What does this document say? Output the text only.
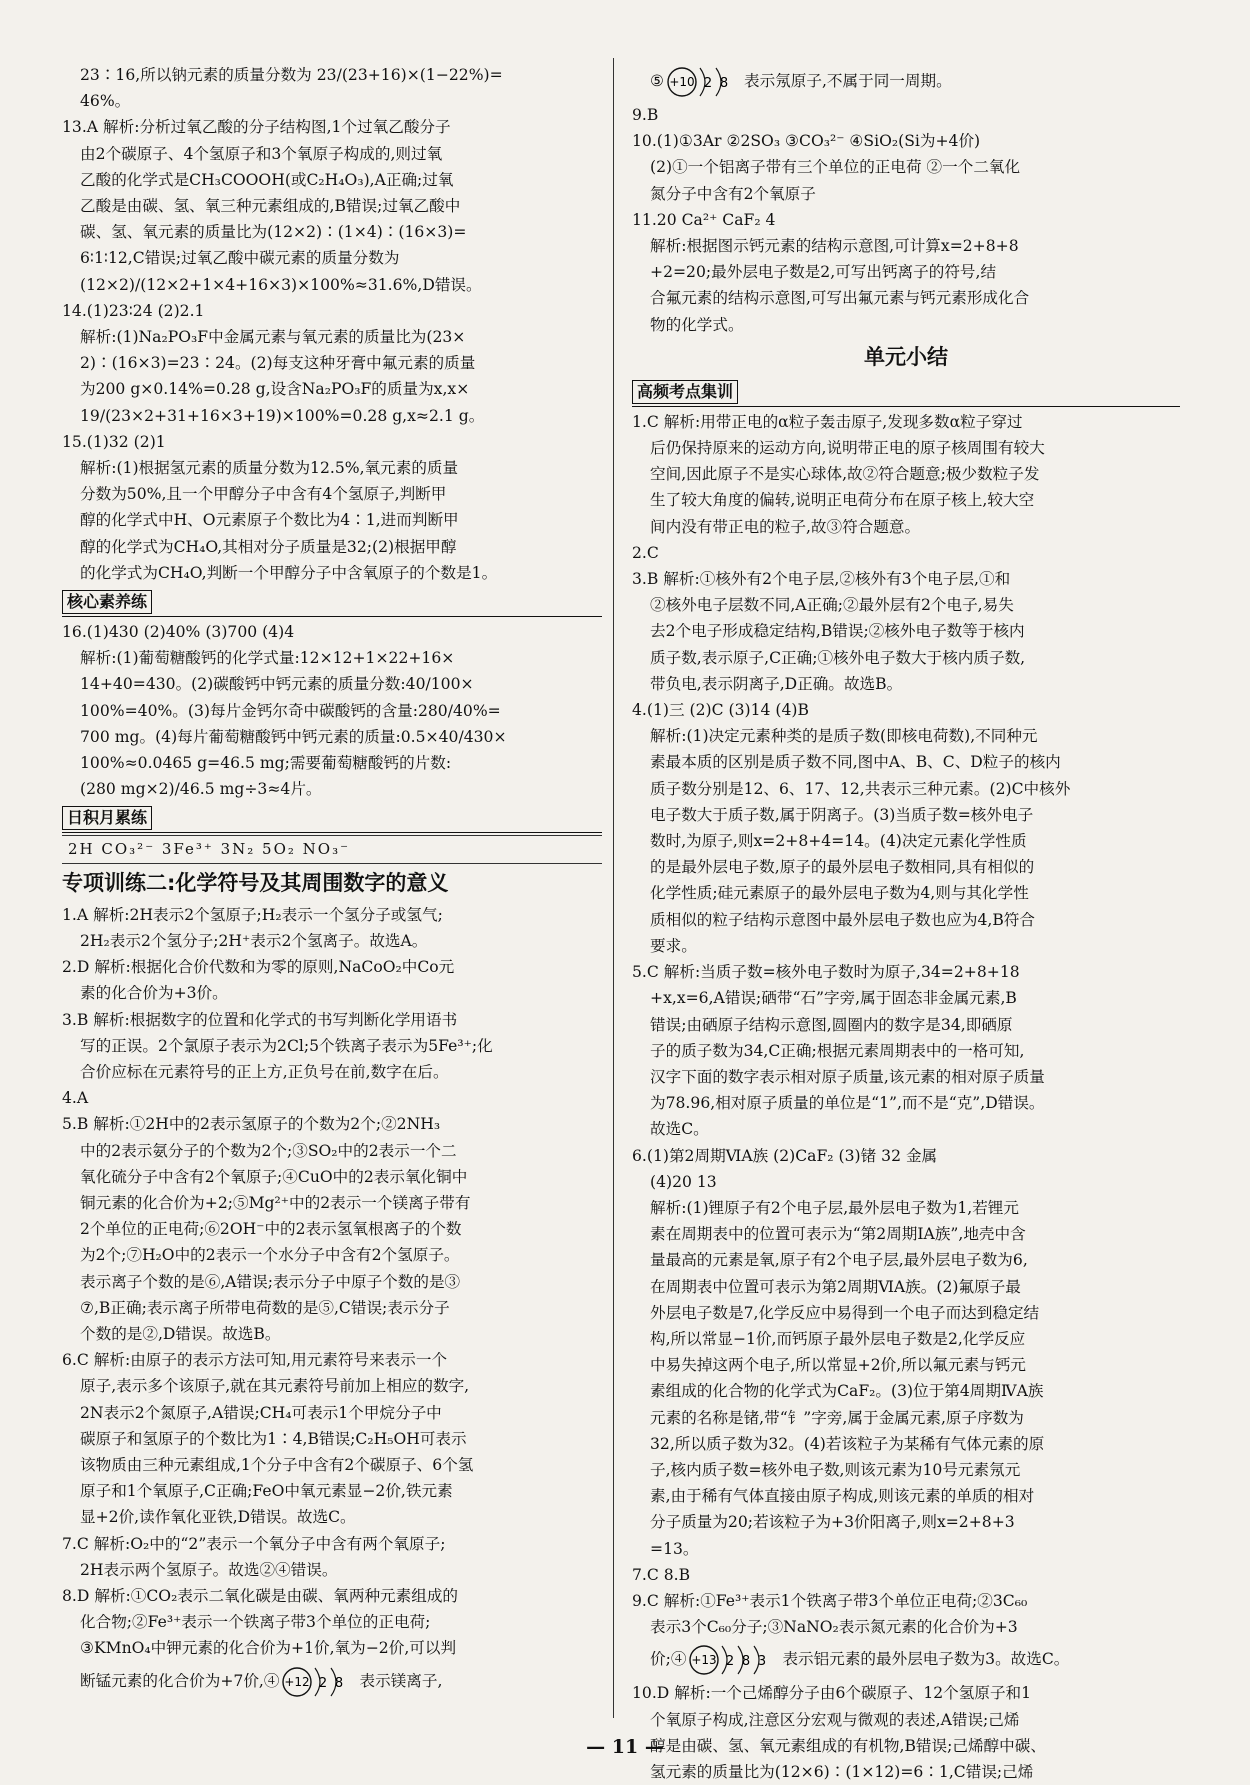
23∶16,所以钠元素的质量分数为 23/(23+16)×(1−22%)=

46%。

13.A 解析:分析过氧乙酸的分子结构图,1个过氧乙酸分子

由2个碳原子、4个氢原子和3个氧原子构成的,则过氧

乙酸的化学式是CH₃COOOH(或C₂H₄O₃),A正确;过氧

乙酸是由碳、氢、氧三种元素组成的,B错误;过氧乙酸中

碳、氢、氧元素的质量比为(12×2)∶(1×4)∶(16×3)=

6∶1∶12,C错误;过氧乙酸中碳元素的质量分数为

(12×2)/(12×2+1×4+16×3)×100%≈31.6%,D错误。

14.(1)23∶24 (2)2.1

解析:(1)Na₂PO₃F中金属元素与氧元素的质量比为(23×

2)∶(16×3)=23∶24。(2)每支这种牙膏中氟元素的质量

为200 g×0.14%=0.28 g,设含Na₂PO₃F的质量为x,x×

19/(23×2+31+16×3+19)×100%=0.28 g,x≈2.1 g。

15.(1)32 (2)1

解析:(1)根据氢元素的质量分数为12.5%,氧元素的质量

分数为50%,且一个甲醇分子中含有4个氢原子,判断甲

醇的化学式中H、O元素原子个数比为4∶1,进而判断甲

醇的化学式为CH₄O,其相对分子质量是32;(2)根据甲醇

的化学式为CH₄O,判断一个甲醇分子中含氧原子的个数是1。

核心素养练

16.(1)430 (2)40% (3)700 (4)4

解析:(1)葡萄糖酸钙的化学式量:12×12+1×22+16×

14+40=430。(2)碳酸钙中钙元素的质量分数:40/100×

100%=40%。(3)每片金钙尔奇中碳酸钙的含量:280/40%=

700 mg。(4)每片葡萄糖酸钙中钙元素的质量:0.5×40/430×

100%≈0.0465 g=46.5 mg;需要葡萄糖酸钙的片数:

(280 mg×2)/46.5 mg÷3≈4片。

日积月累练
2H CO₃²⁻ 3Fe³⁺ 3N₂ 5O₂ NO₃⁻
专项训练二:化学符号及其周围数字的意义

1.A 解析:2H表示2个氢原子;H₂表示一个氢分子或氢气;

2H₂表示2个氢分子;2H⁺表示2个氢离子。故选A。

2.D 解析:根据化合价代数和为零的原则,NaCoO₂中Co元

素的化合价为+3价。

3.B 解析:根据数字的位置和化学式的书写判断化学用语书

写的正误。2个氯原子表示为2Cl;5个铁离子表示为5Fe³⁺;化

合价应标在元素符号的正上方,正负号在前,数字在后。

4.A

5.B 解析:①2H中的2表示氢原子的个数为2个;②2NH₃

中的2表示氨分子的个数为2个;③SO₂中的2表示一个二

氧化硫分子中含有2个氧原子;④CuO中的2表示氧化铜中

铜元素的化合价为+2;⑤Mg²⁺中的2表示一个镁离子带有

2个单位的正电荷;⑥2OH⁻中的2表示氢氧根离子的个数

为2个;⑦H₂O中的2表示一个水分子中含有2个氢原子。

表示离子个数的是⑥,A错误;表示分子中原子个数的是③

⑦,B正确;表示离子所带电荷数的是⑤,C错误;表示分子

个数的是②,D错误。故选B。

6.C 解析:由原子的表示方法可知,用元素符号来表示一个

原子,表示多个该原子,就在其元素符号前加上相应的数字,

2N表示2个氮原子,A错误;CH₄可表示1个甲烷分子中

碳原子和氢原子的个数比为1∶4,B错误;C₂H₅OH可表示

该物质由三种元素组成,1个分子中含有2个碳原子、6个氢

原子和1个氧原子,C正确;FeO中氧元素显−2价,铁元素

显+2价,读作氧化亚铁,D错误。故选C。

7.C 解析:O₂中的“2”表示一个氧分子中含有两个氧原子;

2H表示两个氢原子。故选②④错误。

8.D 解析:①CO₂表示二氧化碳是由碳、氧两种元素组成的

化合物;②Fe³⁺表示一个铁离子带3个单位的正电荷;

③KMnO₄中钾元素的化合价为+1价,氧为−2价,可以判

断锰元素的化合价为+7价,④ +12 2 8 表示镁离子,

⑤ +10 2 8 表示氖原子,不属于同一周期。

9.B

10.(1)①3Ar ②2SO₃ ③CO₃²⁻ ④SiO₂(Si为+4价)

(2)①一个铝离子带有三个单位的正电荷 ②一个二氧化

氮分子中含有2个氧原子

11.20 Ca²⁺ CaF₂ 4

解析:根据图示钙元素的结构示意图,可计算x=2+8+8

+2=20;最外层电子数是2,可写出钙离子的符号,结

合氟元素的结构示意图,可写出氟元素与钙元素形成化合

物的化学式。

单元小结
高频考点集训

1.C 解析:用带正电的α粒子轰击原子,发现多数α粒子穿过

后仍保持原来的运动方向,说明带正电的原子核周围有较大

空间,因此原子不是实心球体,故②符合题意;极少数粒子发

生了较大角度的偏转,说明正电荷分布在原子核上,较大空

间内没有带正电的粒子,故③符合题意。

2.C

3.B 解析:①核外有2个电子层,②核外有3个电子层,①和

②核外电子层数不同,A正确;②最外层有2个电子,易失

去2个电子形成稳定结构,B错误;②核外电子数等于核内

质子数,表示原子,C正确;①核外电子数大于核内质子数,

带负电,表示阴离子,D正确。故选B。

4.(1)三 (2)C (3)14 (4)B

解析:(1)决定元素种类的是质子数(即核电荷数),不同种元

素最本质的区别是质子数不同,图中A、B、C、D粒子的核内

质子数分别是12、6、17、12,共表示三种元素。(2)C中核外

电子数大于质子数,属于阴离子。(3)当质子数=核外电子

数时,为原子,则x=2+8+4=14。(4)决定元素化学性质

的是最外层电子数,原子的最外层电子数相同,具有相似的

化学性质;硅元素原子的最外层电子数为4,则与其化学性

质相似的粒子结构示意图中最外层电子数也应为4,B符合

要求。

5.C 解析:当质子数=核外电子数时为原子,34=2+8+18

+x,x=6,A错误;硒带“石”字旁,属于固态非金属元素,B

错误;由硒原子结构示意图,圆圈内的数字是34,即硒原

子的质子数为34,C正确;根据元素周期表中的一格可知,

汉字下面的数字表示相对原子质量,该元素的相对原子质量

为78.96,相对原子质量的单位是“1”,而不是“克”,D错误。

故选C。

6.(1)第2周期ⅥA族 (2)CaF₂ (3)锗 32 金属

(4)20 13

解析:(1)锂原子有2个电子层,最外层电子数为1,若锂元

素在周期表中的位置可表示为“第2周期ⅠA族”,地壳中含

量最高的元素是氧,原子有2个电子层,最外层电子数为6,

在周期表中位置可表示为第2周期ⅥA族。(2)氟原子最

外层电子数是7,化学反应中易得到一个电子而达到稳定结

构,所以常显−1价,而钙原子最外层电子数是2,化学反应

中易失掉这两个电子,所以常显+2价,所以氟元素与钙元

素组成的化合物的化学式为CaF₂。(3)位于第4周期ⅣA族

元素的名称是锗,带“钅”字旁,属于金属元素,原子序数为

32,所以质子数为32。(4)若该粒子为某稀有气体元素的原

子,核内质子数=核外电子数,则该元素为10号元素氖元

素,由于稀有气体直接由原子构成,则该元素的单质的相对

分子质量为20;若该粒子为+3价阳离子,则x=2+8+3

=13。

7.C 8.B

9.C 解析:①Fe³⁺表示1个铁离子带3个单位正电荷;②3C₆₀

表示3个C₆₀分子;③NaNO₂表示氮元素的化合价为+3

价;④ +13 2 8 3 表示铝元素的最外层电子数为3。故选C。

10.D 解析:一个己烯醇分子由6个碳原子、12个氢原子和1

个氧原子构成,注意区分宏观与微观的表述,A错误;己烯

醇是由碳、氢、氧元素组成的有机物,B错误;己烯醇中碳、

氢元素的质量比为(12×6)∶(1×12)=6∶1,C错误;己烯

— 11 —
